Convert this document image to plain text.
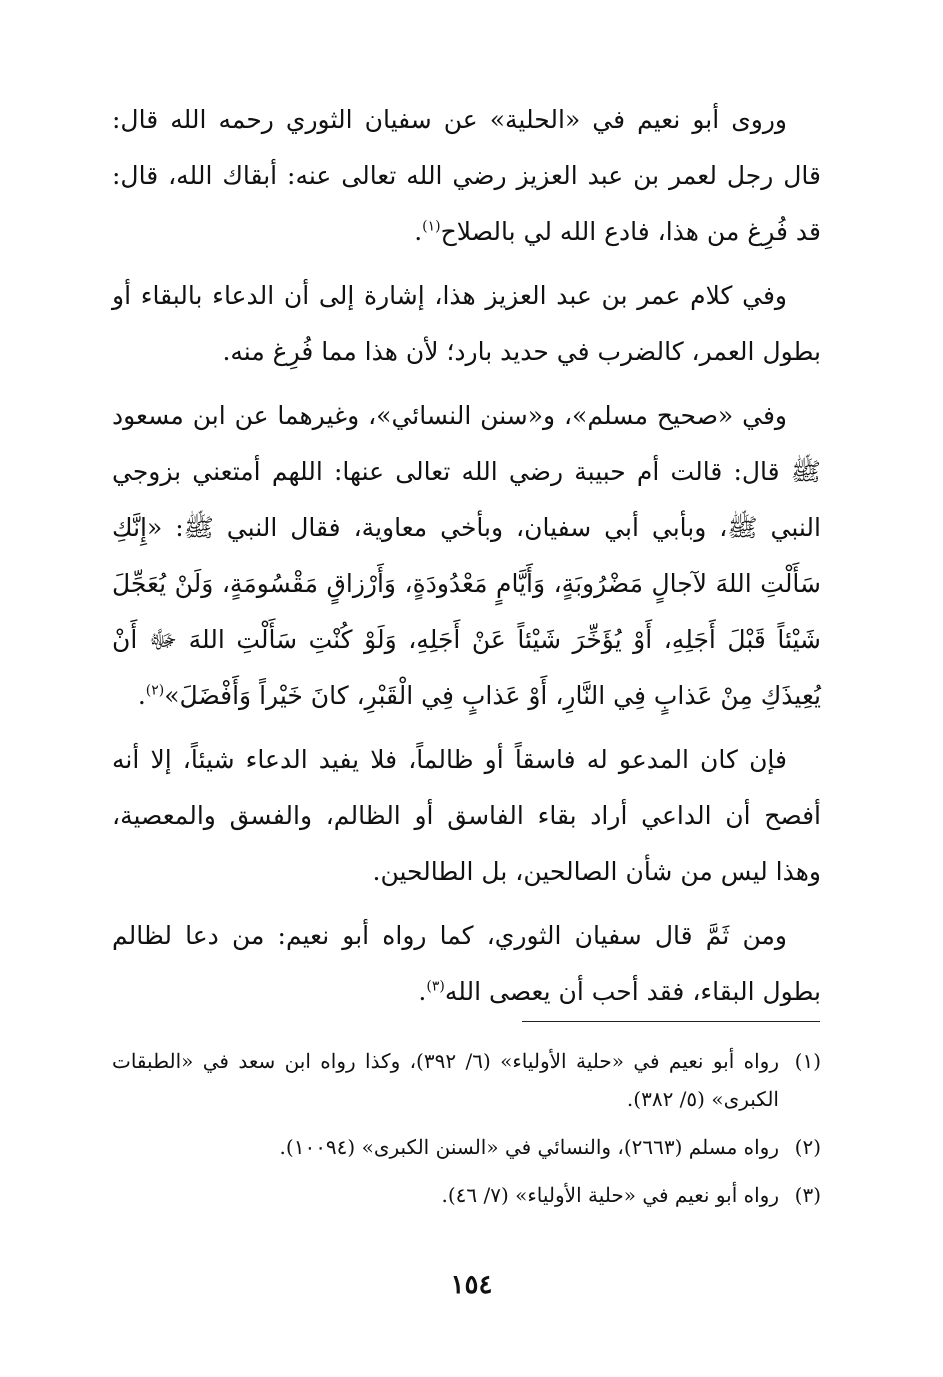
وروى أبو نعيم في «الحلية» عن سفيان الثوري رحمه الله قال: قال رجل لعمر بن عبد العزيز رضي الله تعالى عنه: أبقاك الله، قال: قد فُرِغ من هذا، فادع الله لي بالصلاح$^{(١)}$.

وفي كلام عمر بن عبد العزيز هذا، إشارة إلى أن الدعاء بالبقاء أو بطول العمر، كالضرب في حديد بارد؛ لأن هذا مما فُرِغ منه.

وفي «صحيح مسلم»، و«سنن النسائي»، وغيرهما عن ابن مسعود ﷺ قال: قالت أم حبيبة رضي الله تعالى عنها: اللهم أمتعني بزوجي النبي ﷺ، وبأبي أبي سفيان، وبأخي معاوية، فقال النبي ﷺ: «إِنَّكِ سَأَلْتِ اللهَ لآجالٍ مَضْرُوبَةٍ، وَأَيَّامٍ مَعْدُودَةٍ، وَأَرْزاقٍ مَقْسُومَةٍ، وَلَنْ يُعَجِّلَ شَيْئاً قَبْلَ أَجَلِهِ، أَوْ يُؤَخِّرَ شَيْئاً عَنْ أَجَلِهِ، وَلَوْ كُنْتِ سَأَلْتِ اللهَ ﷻ أَنْ يُعِيذَكِ مِنْ عَذابٍ فِي النَّارِ، أَوْ عَذابٍ فِي الْقَبْرِ، كانَ خَيْراً وَأَفْضَلَ»$^{(٢)}$.

فإن كان المدعو له فاسقاً أو ظالماً، فلا يفيد الدعاء شيئاً، إلا أنه أفصح أن الداعي أراد بقاء الفاسق أو الظالم، والفسق والمعصية، وهذا ليس من شأن الصالحين، بل الطالحين.

ومن ثَمَّ قال سفيان الثوري، كما رواه أبو نعيم: من دعا لظالم بطول البقاء، فقد أحب أن يعصى الله$^{(٣)}$.

(١)
رواه أبو نعيم في «حلية الأولياء» (٦/ ٣٩٢)، وكذا رواه ابن سعد في «الطبقات الكبرى» (٥/ ٣٨٢).
(٢)
رواه مسلم (٢٦٦٣)، والنسائي في «السنن الكبرى» (١٠٠٩٤).
(٣)
رواه أبو نعيم في «حلية الأولياء» (٧/ ٤٦).
١٥٤
